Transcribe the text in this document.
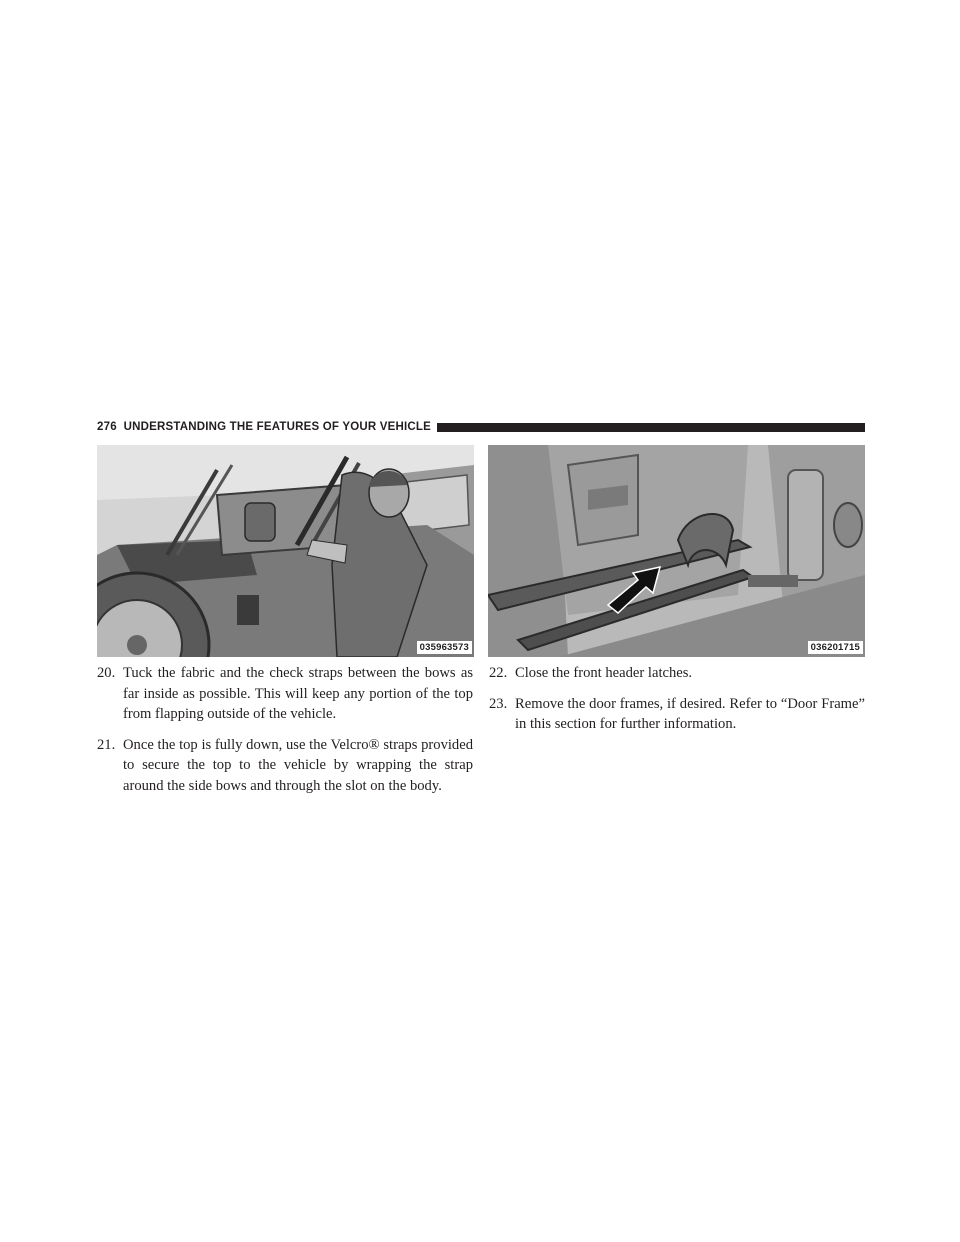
276 UNDERSTANDING THE FEATURES OF YOUR VEHICLE
035963573	036201715

20. Tuck the fabric and the check straps between the bows as far inside as possible. This will keep any portion of the top from flapping outside of the vehicle.

21. Once the top is fully down, use the Velcro® straps provided to secure the top to the vehicle by wrapping the strap around the side bows and through the slot on the body.

22. Close the front header latches.

23. Remove the door frames, if desired. Refer to “Door Frame” in this section for further information.
